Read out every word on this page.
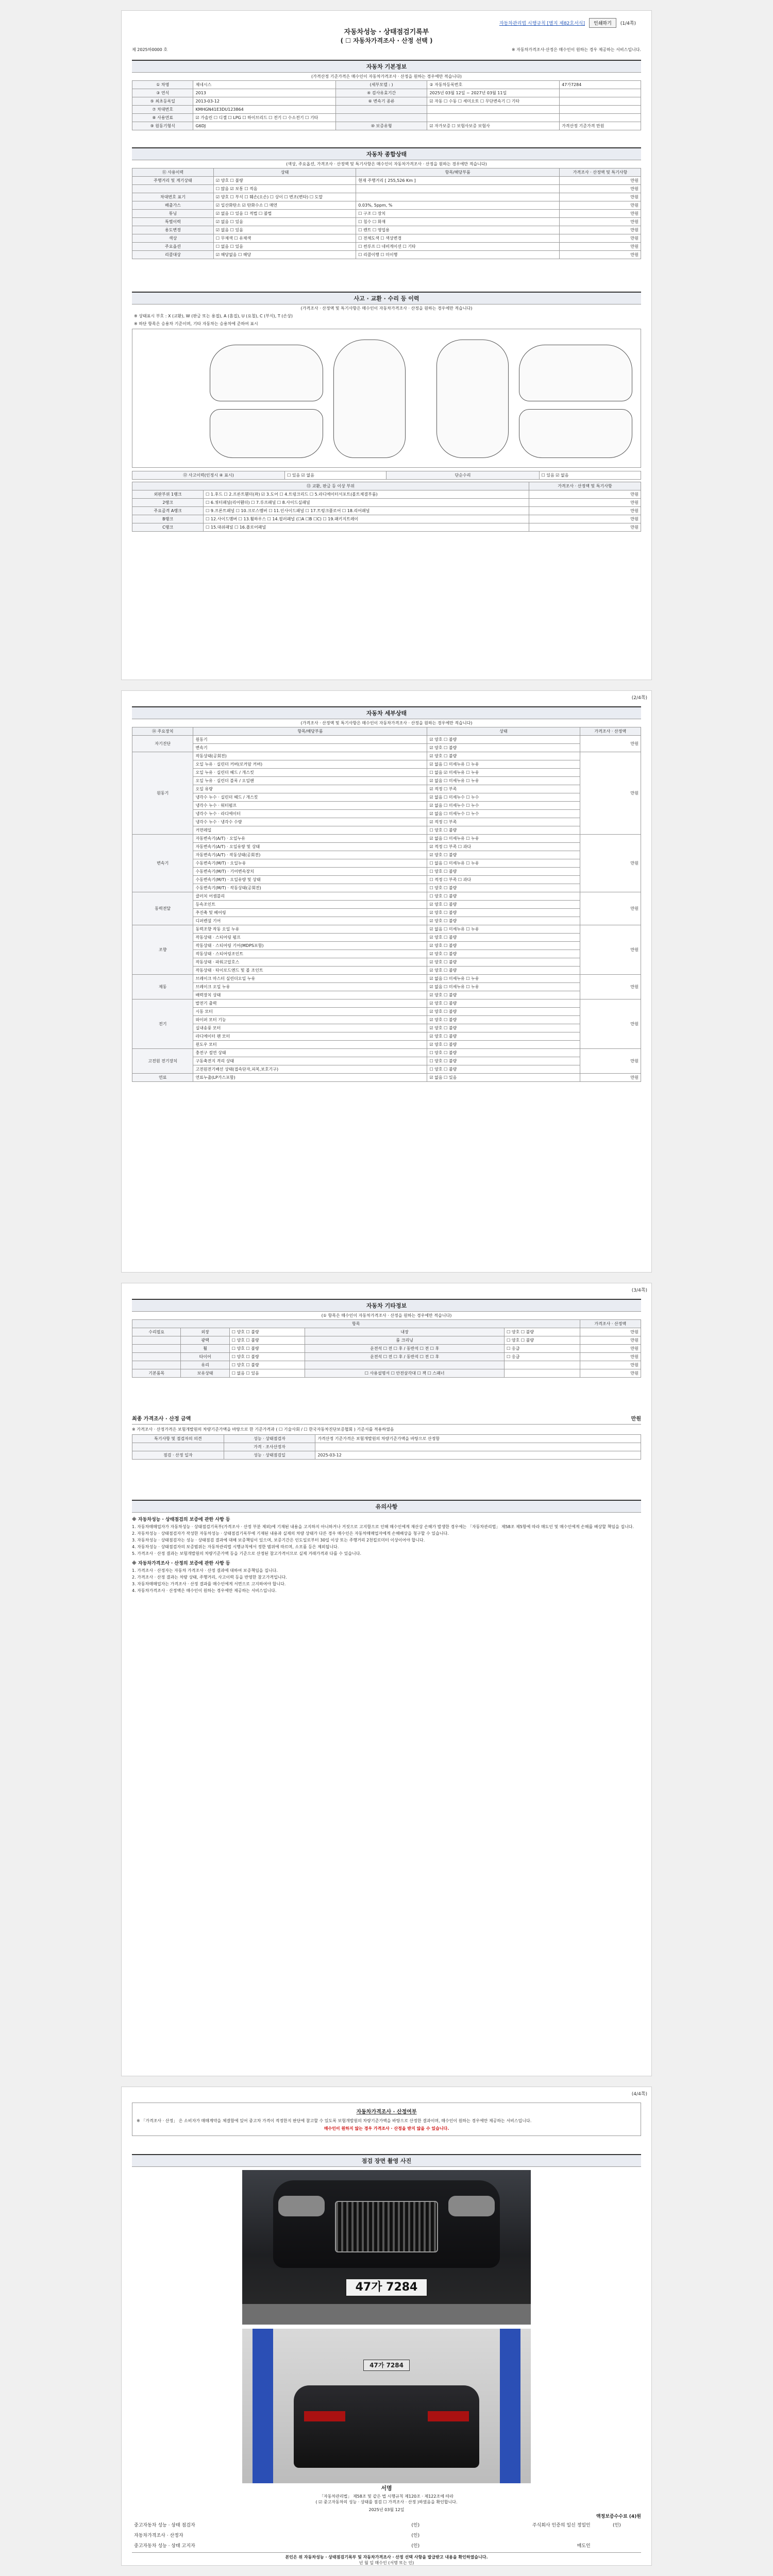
자동차관리법 시행규칙 [별지 제82호서식]	인쇄하기	(1/4쪽)
자동차성능 · 상태점검기록부
( ☐ 자동차가격조사 · 산정 선택 )
제 2025하0000 호	※ 자동차가격조사·산정은 매수인이 원하는 경우 제공하는 서비스입니다.
자동차 기본정보
(가격산정 기준가격은 매수인이 자동차가격조사 · 산정을 원하는 경우에만 적습니다)
① 차명	제네시스	(세부모델 : )	② 자동차등록번호	47가7284
③ 연식	2013	④ 검사유효기간	2025년 03월 12일 ~ 2027년 03월 11일	
⑤ 최초등록일	2013-03-12	⑥ 변속기 종류	☑ 자동 ☐ 수동 ☐ 세미오토 ☐ 무단변속기 ☐ 기타	
⑦ 차대번호	KMHGN41E3DU123864			
⑧ 사용연료	☑ 가솔린 ☐ 디젤 ☐ LPG ☐ 하이브리드 ☐ 전기 ☐ 수소전기 ☐ 기타			
⑨ 원동기형식	G6DJ	⑩ 보증유형	☑ 자가보증 ☐ 보험사보증 보험사	가격산정 기준가격 만원
자동차 종합상태
(색상, 주요옵션, 가격조사 · 산정액 및 특기사항은 매수인이 자동차가격조사 · 산정을 원하는 경우에만 적습니다)
⑪ 사용이력	상태	항목/해당부품	가격조사 · 산정액 및 특기사항
주행거리 및 계기상태	☑ 양호 ☐ 불량	현재 주행거리 [ 255,526 Km ]	만원
	☐ 많음 ☑ 보통 ☐ 적음		만원
차대번호 표기	☑ 양호 ☐ 부식 ☐ 훼손(오손) ☐ 상이 ☐ 변조(변타) ☐ 도말		만원
배출가스	☑ 일산화탄소 ☑ 탄화수소 ☐ 매연	0.03%, 5ppm, %	만원
튜닝	☑ 없음 ☐ 있음 ☐ 적법 ☐ 불법	☐ 구조 ☐ 장치	만원
특별이력	☑ 없음 ☐ 있음	☐ 침수 ☐ 화재	만원
용도변경	☑ 없음 ☐ 있음	☐ 렌트 ☐ 영업용	만원
색상	☐ 무채색 ☐ 유채색	☐ 전체도색 ☐ 색상변경	만원
주요옵션	☐ 없음 ☐ 있음	☐ 썬루프 ☐ 네비게이션 ☐ 기타	만원
리콜대상	☑ 해당없음 ☐ 해당	☐ 리콜이행 ☐ 미이행	만원
사고 · 교환 · 수리 등 이력
(가격조사 · 산정액 및 특기사항은 매수인이 자동차가격조사 · 산정을 원하는 경우에만 적습니다)
※ 상태표시 부호 : X (교환), W (판금 또는 용접), A (흠집), U (요철), C (부식), T (손상)
※ 하단 항목은 승용차 기준이며, 기타 자동차는 승용차에 준하여 표시
⑫ 사고이력(인정시 ④ 표시)	☐ 있음 ☑ 없음	단순수리	☐ 있음 ☑ 없음
⑬ 교환, 판금 등 이상 부위		가격조사 · 산정액 및 특기사항
외판부위 1랭크	☐ 1.후드 ☐ 2.프론트휀더(좌) ☑ 3.도어 ☐ 4.트렁크리드 ☐ 5.라디에이터서포트(볼트체결부품)	만원
2랭크	☐ 6.쿼터패널(리어휀더) ☐ 7.루프패널 ☐ 8.사이드실패널	만원
주요골격 A랭크	☐ 9.프론트패널 ☐ 10.크로스멤버 ☐ 11.인사이드패널 ☐ 17.트렁크플로어 ☐ 18.리어패널	만원
B랭크	☐ 12.사이드멤버 ☐ 13.휠하우스 ☐ 14.필러패널 (☐A ☐B ☐C) ☐ 19.패키지트레이	만원
C랭크	☐ 15.대쉬패널 ☐ 16.플로어패널	만원
(2/4쪽)
자동차 세부상태
(가격조사 · 산정액 및 특기사항은 매수인이 자동차가격조사 · 산정을 원하는 경우에만 적습니다)
⑭ 주요장치	항목/해당부품	상태	가격조사 · 산정액
자기진단	원동기	☑ 양호 ☐ 불량	만원
	변속기	☑ 양호 ☐ 불량	
원동기	작동상태(공회전)	☑ 양호 ☐ 불량	만원
	오일 누유 · 실린더 커버(로커암 커버)	☑ 없음 ☐ 미세누유 ☐ 누유	
	오일 누유 · 실린더 헤드 / 개스킷	☐ 없음 ☑ 미세누유 ☐ 누유	
	오일 누유 · 실린더 블록 / 오일팬	☑ 없음 ☐ 미세누유 ☐ 누유	
	오일 유량	☑ 적정 ☐ 부족	
	냉각수 누수 · 실린더 헤드 / 개스킷	☑ 없음 ☐ 미세누수 ☐ 누수	
	냉각수 누수 · 워터펌프	☑ 없음 ☐ 미세누수 ☐ 누수	
	냉각수 누수 · 라디에이터	☑ 없음 ☐ 미세누수 ☐ 누수	
	냉각수 누수 · 냉각수 수량	☑ 적정 ☐ 부족	
	커먼레일	☐ 양호 ☐ 불량	
변속기	자동변속기(A/T) · 오일누유	☑ 없음 ☐ 미세누유 ☐ 누유	만원
	자동변속기(A/T) · 오일유량 및 상태	☑ 적정 ☐ 부족 ☐ 과다	
	자동변속기(A/T) · 작동상태(공회전)	☑ 양호 ☐ 불량	
	수동변속기(M/T) · 오일누유	☐ 없음 ☐ 미세누유 ☐ 누유	
	수동변속기(M/T) · 기어변속장치	☐ 양호 ☐ 불량	
	수동변속기(M/T) · 오일유량 및 상태	☐ 적정 ☐ 부족 ☐ 과다	
	수동변속기(M/T) · 작동상태(공회전)	☐ 양호 ☐ 불량	
동력전달	클러치 어셈블리	☐ 양호 ☐ 불량	만원
	등속조인트	☑ 양호 ☐ 불량	
	추진축 및 베어링	☑ 양호 ☐ 불량	
	디퍼렌셜 기어	☑ 양호 ☐ 불량	
조향	동력조향 작동 오일 누유	☑ 없음 ☐ 미세누유 ☐ 누유	만원
	작동상태 · 스티어링 펌프	☑ 양호 ☐ 불량	
	작동상태 · 스티어링 기어(MDPS포함)	☑ 양호 ☐ 불량	
	작동상태 · 스티어링조인트	☑ 양호 ☐ 불량	
	작동상태 · 파워고압호스	☑ 양호 ☐ 불량	
	작동상태 · 타이로드엔드 및 볼 조인트	☑ 양호 ☐ 불량	
제동	브레이크 마스터 실린더오일 누유	☑ 없음 ☐ 미세누유 ☐ 누유	만원
	브레이크 오일 누유	☑ 없음 ☐ 미세누유 ☐ 누유	
	배력장치 상태	☑ 양호 ☐ 불량	
전기	발전기 출력	☑ 양호 ☐ 불량	만원
	시동 모터	☑ 양호 ☐ 불량	
	와이퍼 모터 기능	☑ 양호 ☐ 불량	
	실내송풍 모터	☑ 양호 ☐ 불량	
	라디에이터 팬 모터	☑ 양호 ☐ 불량	
	윈도우 모터	☑ 양호 ☐ 불량	
고전원 전기장치	충전구 절연 상태	☐ 양호 ☐ 불량	만원
	구동축전지 격리 상태	☐ 양호 ☐ 불량	
	고전원전기배선 상태(접속단자,피복,보호기구)	☐ 양호 ☐ 불량	
연료	연료누출(LP가스포함)	☑ 없음 ☐ 있음	만원
(3/4쪽)
자동차 기타정보
(① 항목은 매수인이 자동차가격조사 · 산정을 원하는 경우에만 적습니다)
항목					가격조사 · 산정액
수리필요	외장	☐ 양호 ☐ 불량	내장	☐ 양호 ☐ 불량	만원
	광택	☐ 양호 ☐ 불량	룸 크리닝	☐ 양호 ☐ 불량	만원
	휠	☐ 양호 ☐ 불량	운전석 ☐ 전 ☐ 후 / 동반석 ☐ 전 ☐ 후	☐ 응급	만원
	타이어	☐ 양호 ☐ 불량	운전석 ☐ 전 ☐ 후 / 동반석 ☐ 전 ☐ 후	☐ 응급	만원
	유리	☐ 양호 ☐ 불량			만원
기본품목	보유상태	☐ 없음 ☐ 있음	☐ 사용설명서 ☐ 안전삼각대 ☐ 잭 ☐ 스패너		만원
최종 가격조사 · 산정 금액	만원
※ 가격조사 · 산정가격은 보험개발원의 차량기준가액을 바탕으로 한 기준가격과 ( ☐ 기술사회 / ☐ 한국자동차진단보증협회 ) 기준서를 적용하였음
특기사항 및 점검자의 의견	성능 · 상태점검자	가격산정 기준가격은 보험개발원의 차량기준가액을 바탕으로 산정함
	가격 · 조사산정자	
점검 · 산정 일자	성능 · 상태점검일	2025-03-12
유의사항
※ 자동차성능 · 상태점검의 보증에 관한 사항 등

1. 자동차매매업자가 자동차성능 · 상태점검기록부(가격조사 · 산정 부분 제외)에 기재된 내용을 고지하지 아니하거나 거짓으로 고지함으로 인해 매수인에게 재산상 손해가 발생한 경우에는 「자동차관리법」 제58조 제5항에 따라 매도인 및 매수인에게 손해를 배상할 책임을 집니다.

2. 자동차성능 · 상태점검자가 작성한 자동차성능 · 상태점검기록부에 기재된 내용과 실제의 차량 상태가 다른 경우 매수인은 자동차매매업자에게 손해배상을 청구할 수 있습니다.

3. 자동차성능 · 상태점검자는 성능 · 상태점검 결과에 대해 보증책임이 있으며, 보증기간은 인도일로부터 30일 이상 또는 주행거리 2천킬로미터 이상이어야 합니다.

4. 자동차성능 · 상태점검자의 보증범위는 자동차관리법 시행규칙에서 정한 범위에 따르며, 소모품 등은 제외됩니다.

5. 가격조사 · 산정 결과는 보험개발원의 차량기준가액 등을 기준으로 산정된 참고가격이므로 실제 거래가격과 다를 수 있습니다.

※ 자동차가격조사 · 산정의 보증에 관한 사항 등

1. 가격조사 · 산정자는 자동차 가격조사 · 산정 결과에 대하여 보증책임을 집니다.

2. 가격조사 · 산정 결과는 차량 상태, 주행거리, 사고이력 등을 반영한 참고가격입니다.

3. 자동차매매업자는 가격조사 · 산정 결과를 매수인에게 서면으로 고지하여야 합니다.

4. 자동차가격조사 · 산정액은 매수인이 원하는 경우에만 제공하는 서비스입니다.

(4/4쪽)
자동차가격조사 · 산정여부
※ 「가격조사 · 산정」 은 소비자가 매매계약을 체결함에 있어 중고차 가격이 적정한지 판단에 참고할 수 있도록 보험개발원의 차량기준가액을 바탕으로 산정한 결과이며, 매수인이 원하는 경우에만 제공하는 서비스입니다.
매수인이 원하지 않는 경우 가격조사 · 산정을 받지 않을 수 있습니다.
점검 장면 촬영 사진
47가 7284
47가 7284
서명
「자동차관리법」 제58조 및 같은 법 시행규칙 제120조 · 제122조에 따라
( ☑ 중고자동차의 성능 · 상태를 점검 ☐ 가격조사 · 산정 )하였음을 확인합니다.
2025년 03월 12일
액정보증수수료 (4)원
중고자동차 성능 · 상태 점검자	(인)	주식회사 인증의 일신 정밀인	(인)
자동차가격조사 · 산정자	(인)		
중고자동차 성능 · 상태 고지자	(인)	매도인	
본인은 위 자동차성능 · 상태점검기록부 및 자동차가격조사 · 산정 선택 사항을 발급받고 내용을 확인하였습니다.
년 월 일 매수인 (서명 또는 인)
